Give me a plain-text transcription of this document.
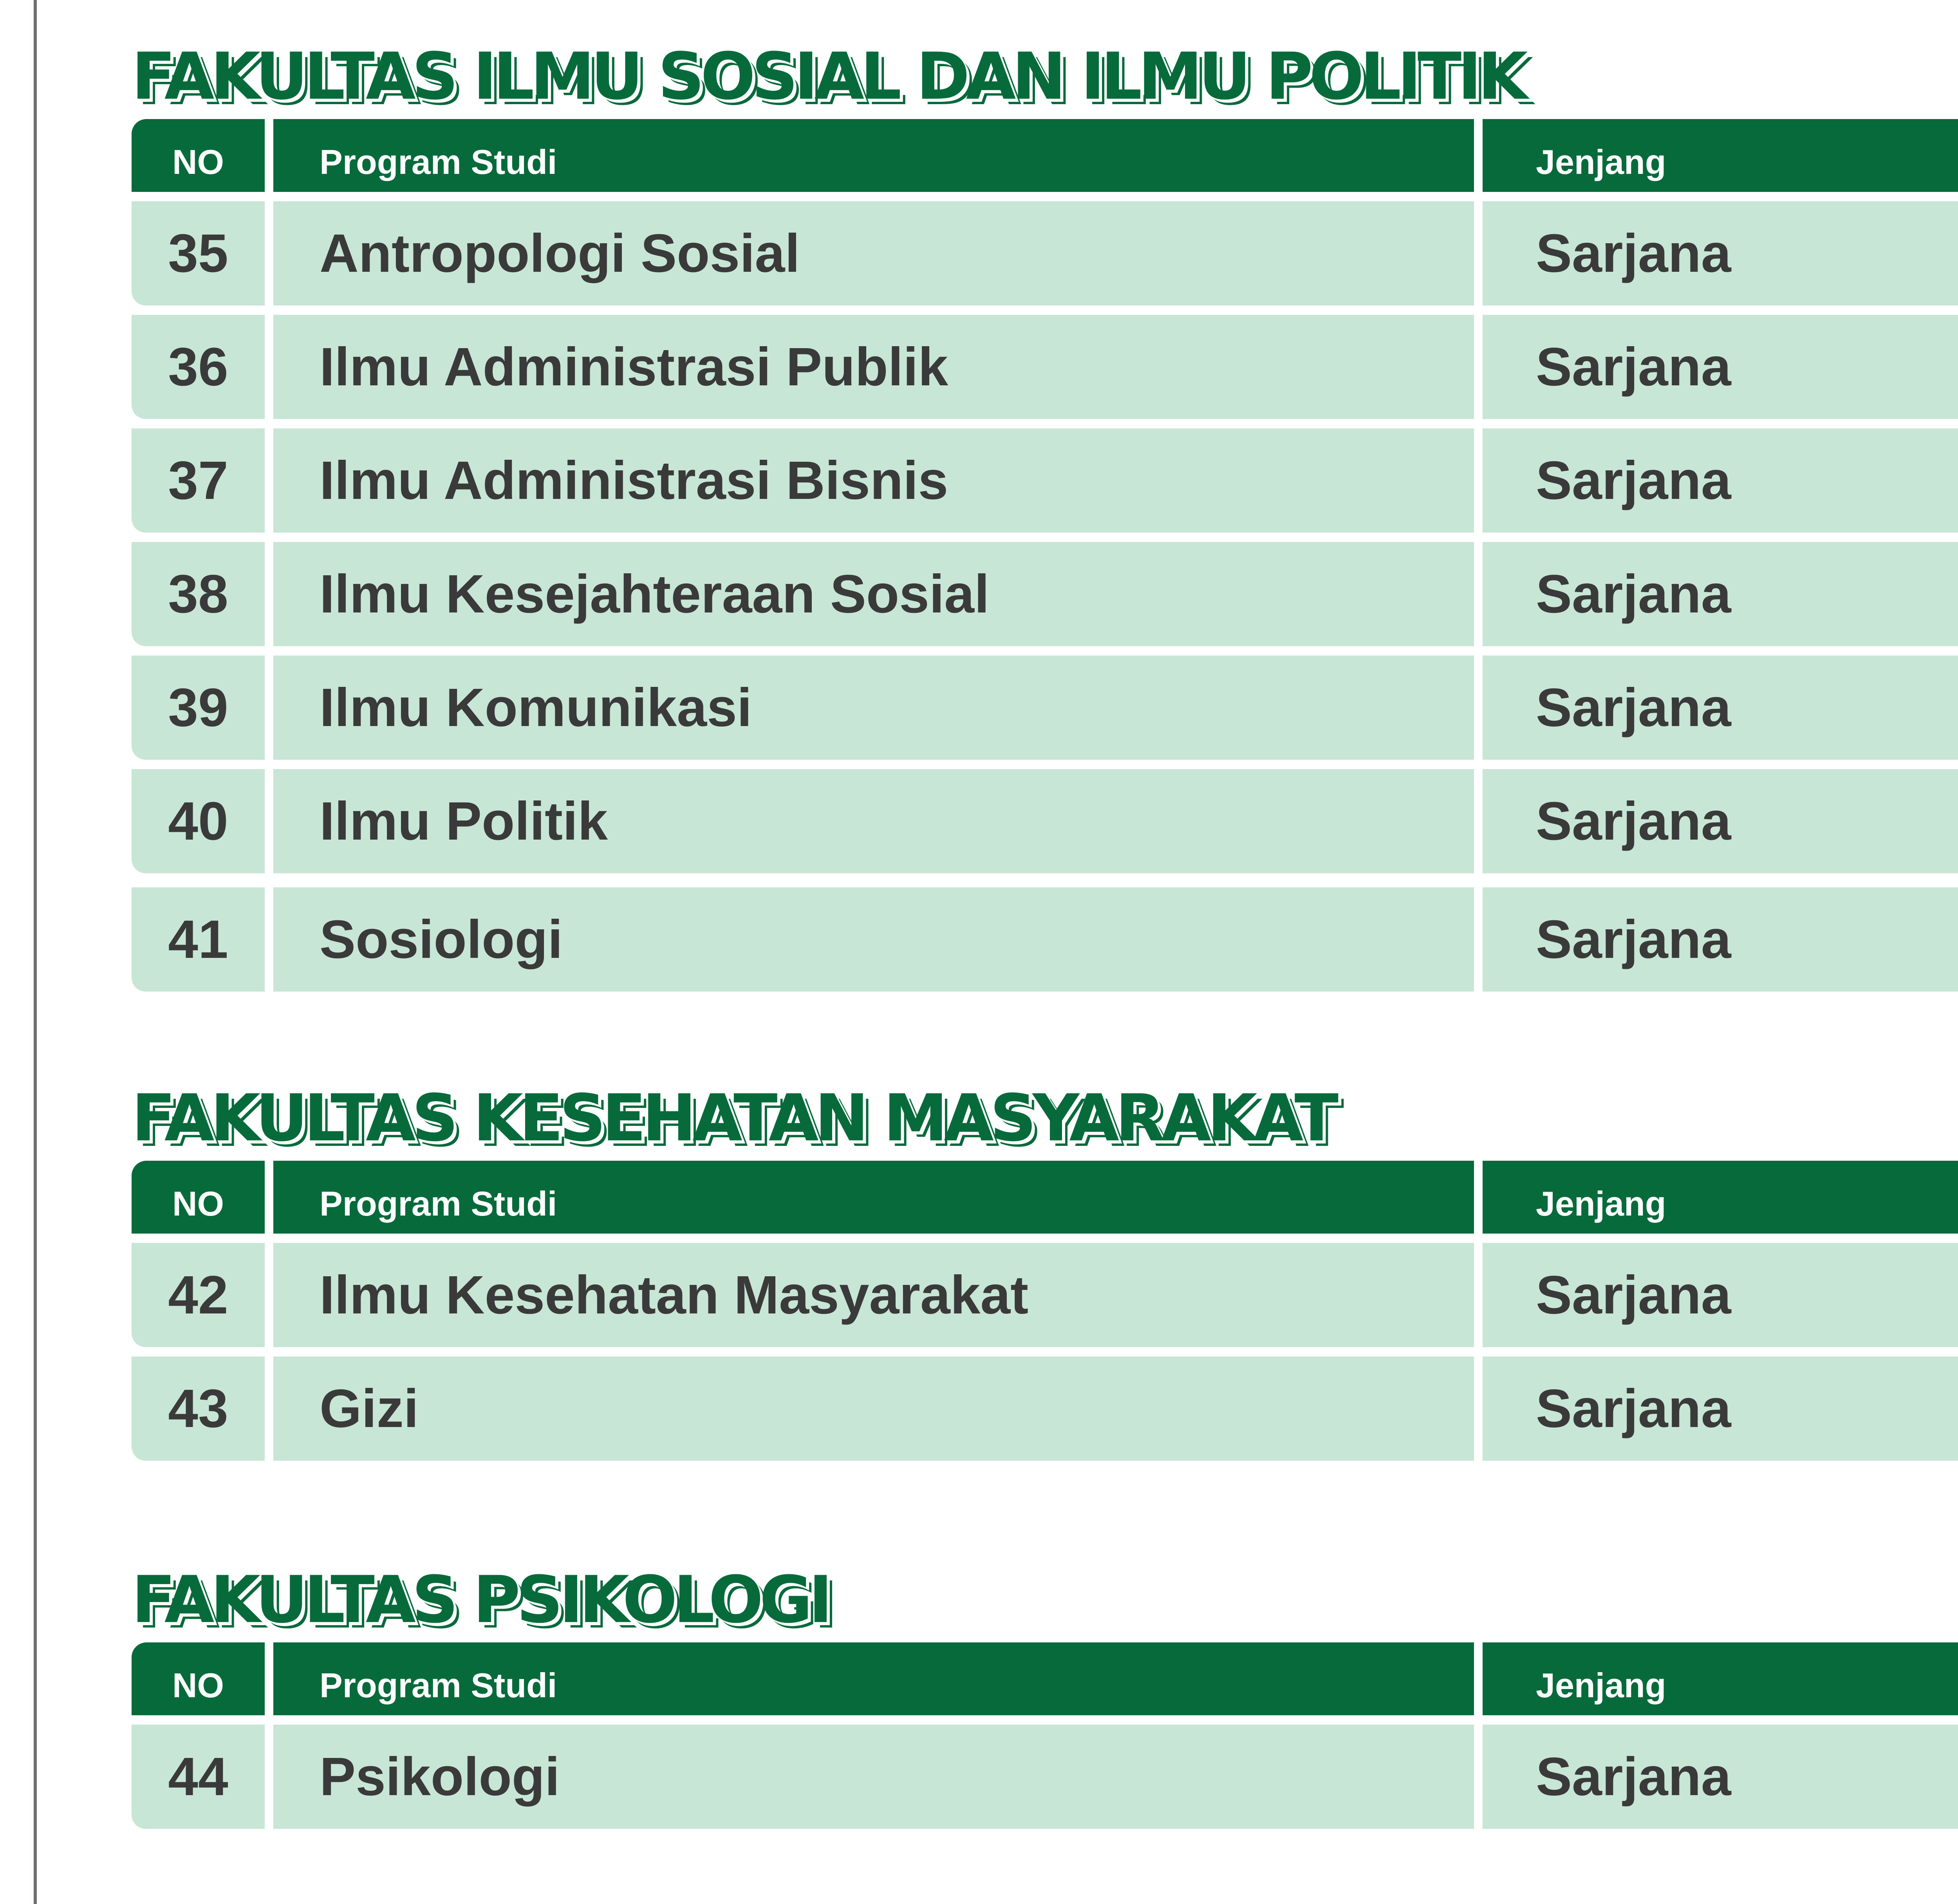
FAKULTAS ILMU SOSIAL DAN ILMU POLITIK
NO	Program Studi	Jenjang
35	Antropologi Sosial	Sarjana
36	Ilmu Administrasi Publik	Sarjana
37	Ilmu Administrasi Bisnis	Sarjana
38	Ilmu Kesejahteraan Sosial	Sarjana
39	Ilmu Komunikasi	Sarjana
40	Ilmu Politik	Sarjana
41	Sosiologi	Sarjana
FAKULTAS KESEHATAN MASYARAKAT
NO	Program Studi	Jenjang
42	Ilmu Kesehatan Masyarakat	Sarjana
43	Gizi	Sarjana
FAKULTAS PSIKOLOGI
NO	Program Studi	Jenjang
44	Psikologi	Sarjana
